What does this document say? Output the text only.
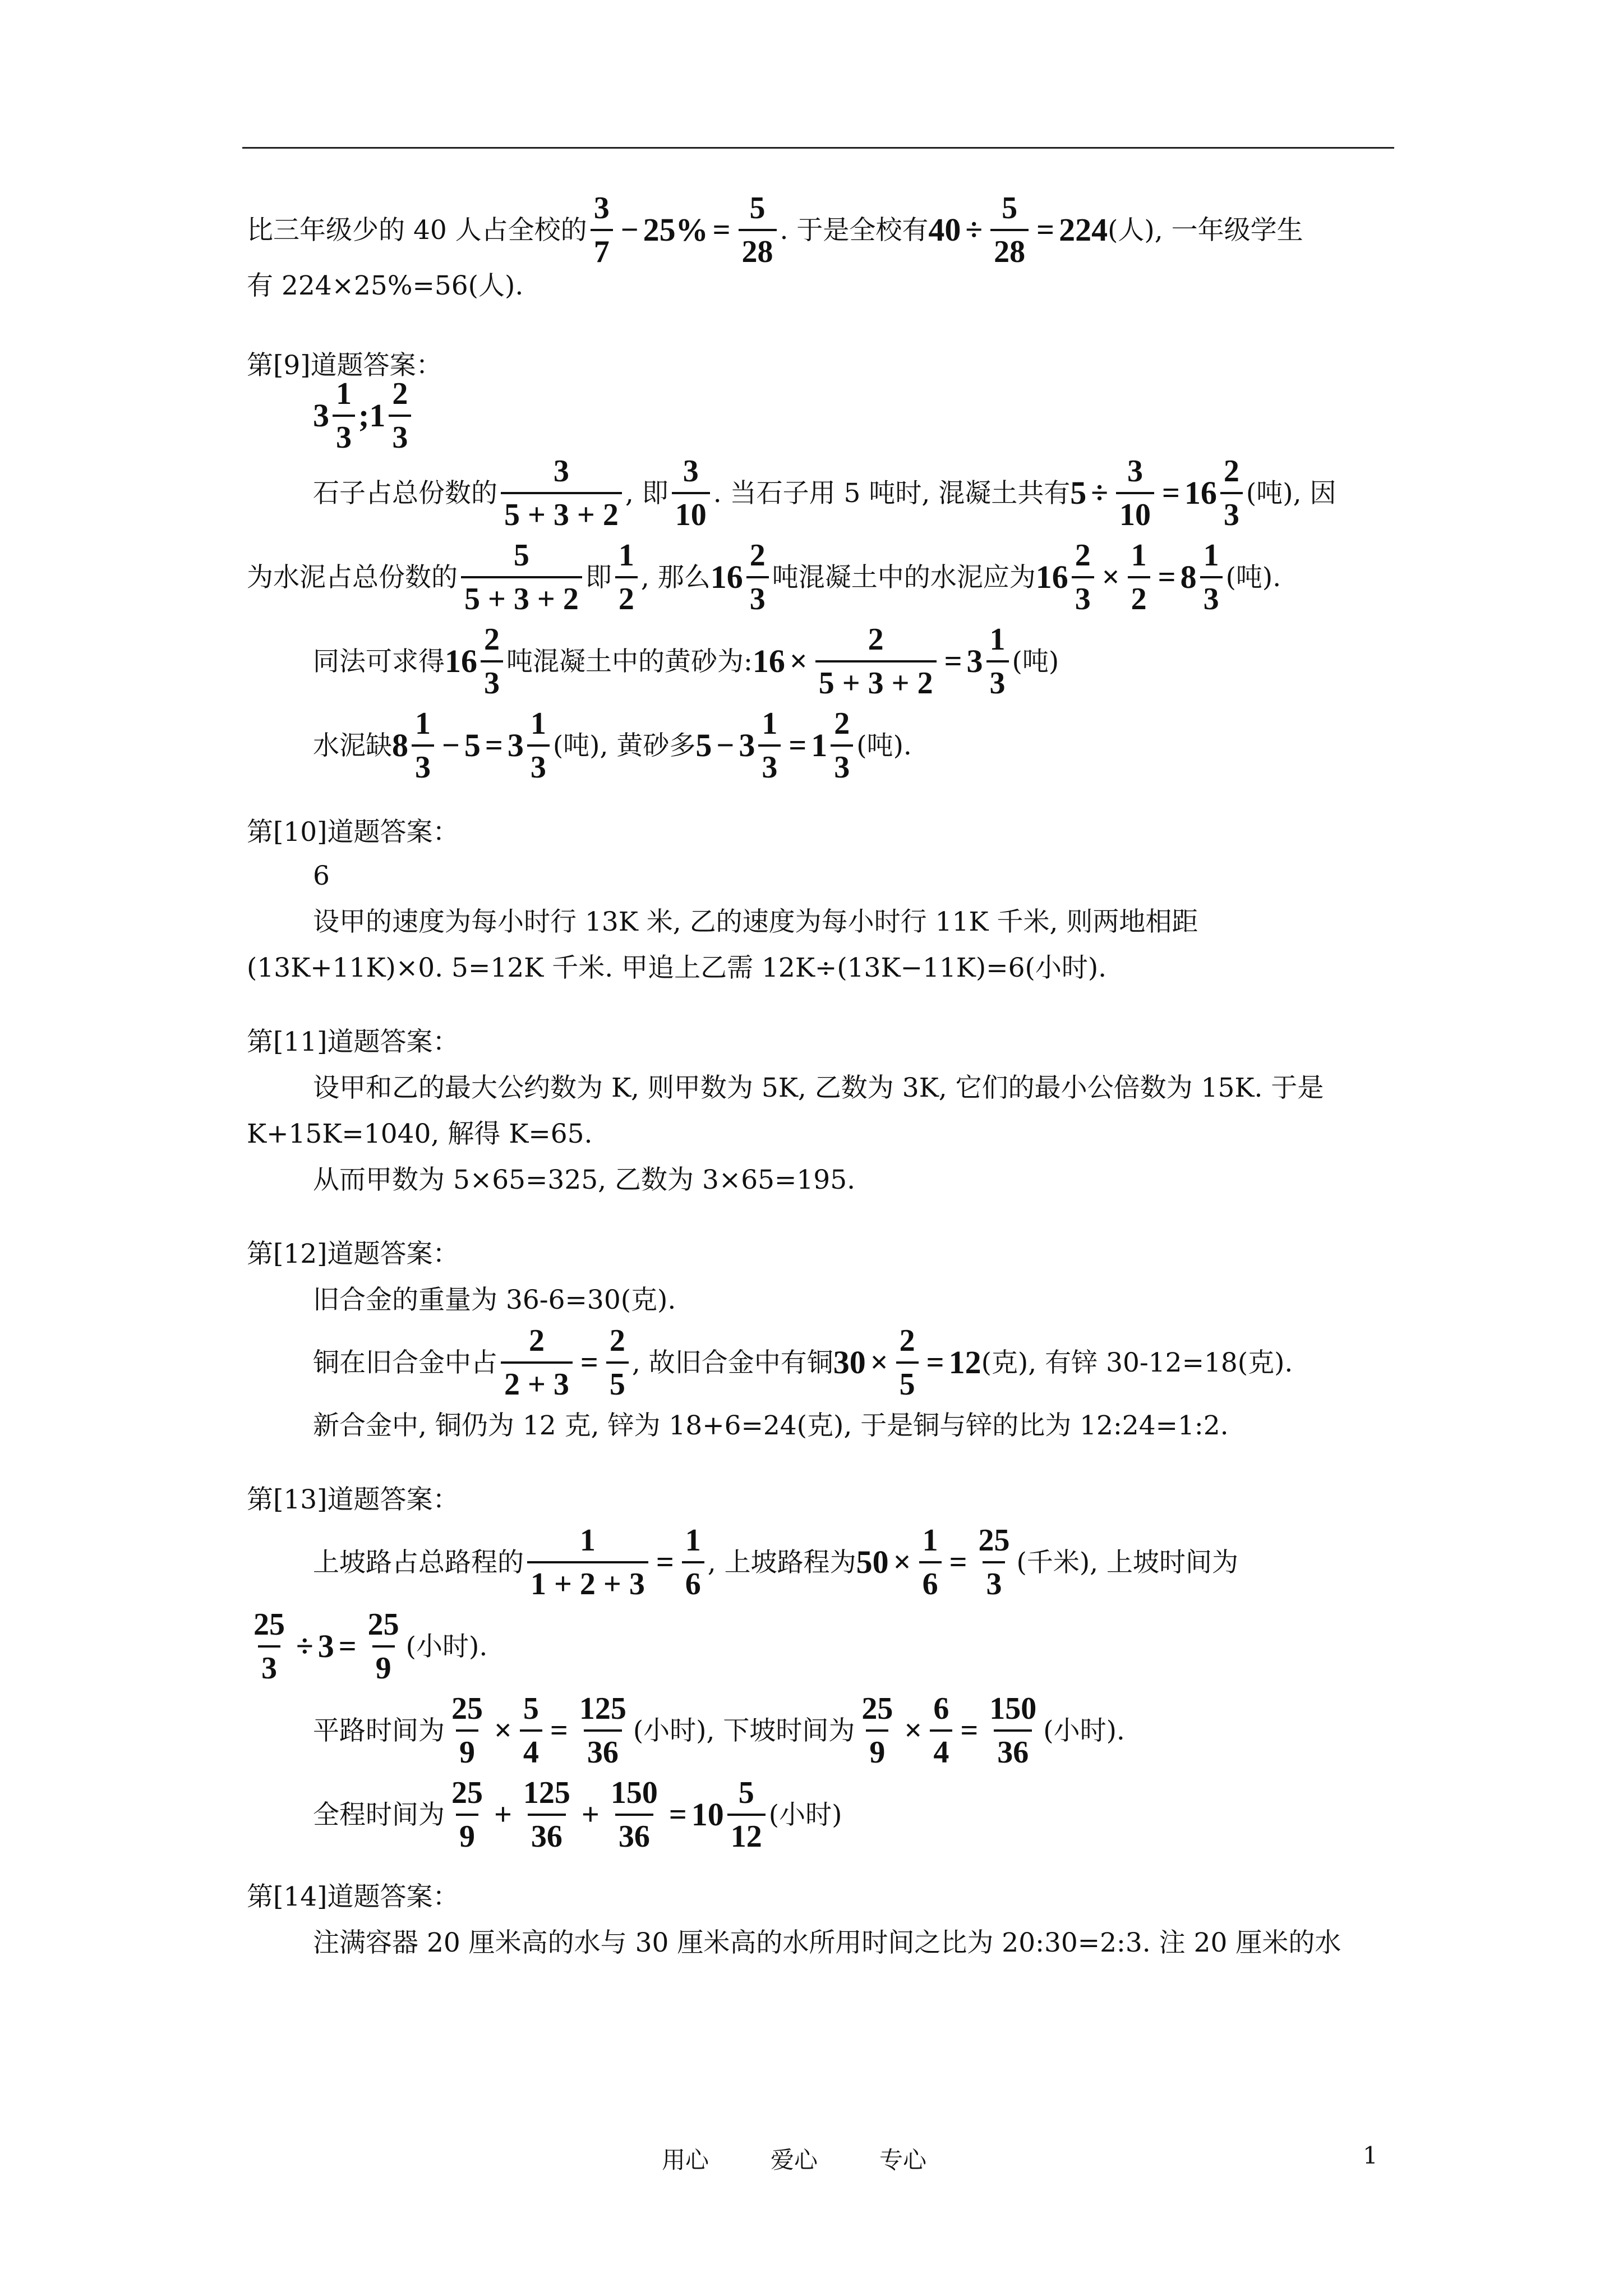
比三年级少的 40 人占全校的 $\frac{3}{7} - 25\% = \frac{5}{28}$ . 于是全校有 $40 \div \frac{5}{28} = 224$ (人), 一年级学生
有 224×25%=56(人).
第[9]道题答案：
$3 \frac{1}{3}$ ; $1 \frac{2}{3}$
石子占总份数的 $\frac{3}{5 + 3 + 2}$ , 即 $\frac{3}{10}$ . 当石子用 5 吨时, 混凝土共有 $5 \div \frac{3}{10} = 16 \frac{2}{3}$ (吨), 因
为水泥占总份数的 $\frac{5}{5 + 3 + 2}$ 即 $\frac{1}{2}$ , 那么 $16 \frac{2}{3}$ 吨混凝土中的水泥应为 $16 \frac{2}{3} \times \frac{1}{2} = 8 \frac{1}{3}$ (吨).
同法可求得 $16 \frac{2}{3}$ 吨混凝土中的黄砂为: $16 \times \frac{2}{5 + 3 + 2} = 3 \frac{1}{3}$ (吨)
水泥缺 $8 \frac{1}{3} - 5 = 3 \frac{1}{3}$ (吨), 黄砂多 $5 - 3 \frac{1}{3} = 1 \frac{2}{3}$ (吨).
第[10]道题答案：
6
设甲的速度为每小时行 13K 米, 乙的速度为每小时行 11K 千米, 则两地相距
(13K+11K)×0. 5=12K 千米. 甲追上乙需 12K÷(13K−11K)=6(小时).
第[11]道题答案：
设甲和乙的最大公约数为 K, 则甲数为 5K, 乙数为 3K, 它们的最小公倍数为 15K. 于是
K+15K=1040, 解得 K=65.
从而甲数为 5×65=325, 乙数为 3×65=195.
第[12]道题答案：
旧合金的重量为 36-6=30(克).
铜在旧合金中占 $\frac{2}{2 + 3} = \frac{2}{5}$ , 故旧合金中有铜 $30 \times \frac{2}{5} = 12$ (克), 有锌 30-12=18(克).
新合金中, 铜仍为 12 克, 锌为 18+6=24(克), 于是铜与锌的比为 12:24=1:2.
第[13]道题答案：
上坡路占总路程的 $\frac{1}{1 + 2 + 3} = \frac{1}{6}$ , 上坡路程为 $50 \times \frac{1}{6} = \frac{25}{3}$ (千米), 上坡时间为
$\frac{25}{3} \div 3 = \frac{25}{9}$ (小时).
平路时间为 $\frac{25}{9} \times \frac{5}{4} = \frac{125}{36}$ (小时), 下坡时间为 $\frac{25}{9} \times \frac{6}{4} = \frac{150}{36}$ (小时).
全程时间为 $\frac{25}{9} + \frac{125}{36} + \frac{150}{36} = 10 \frac{5}{12}$ (小时)
第[14]道题答案：
注满容器 20 厘米高的水与 30 厘米高的水所用时间之比为 20:30=2:3. 注 20 厘米的水
用心	爱心	专心	1
